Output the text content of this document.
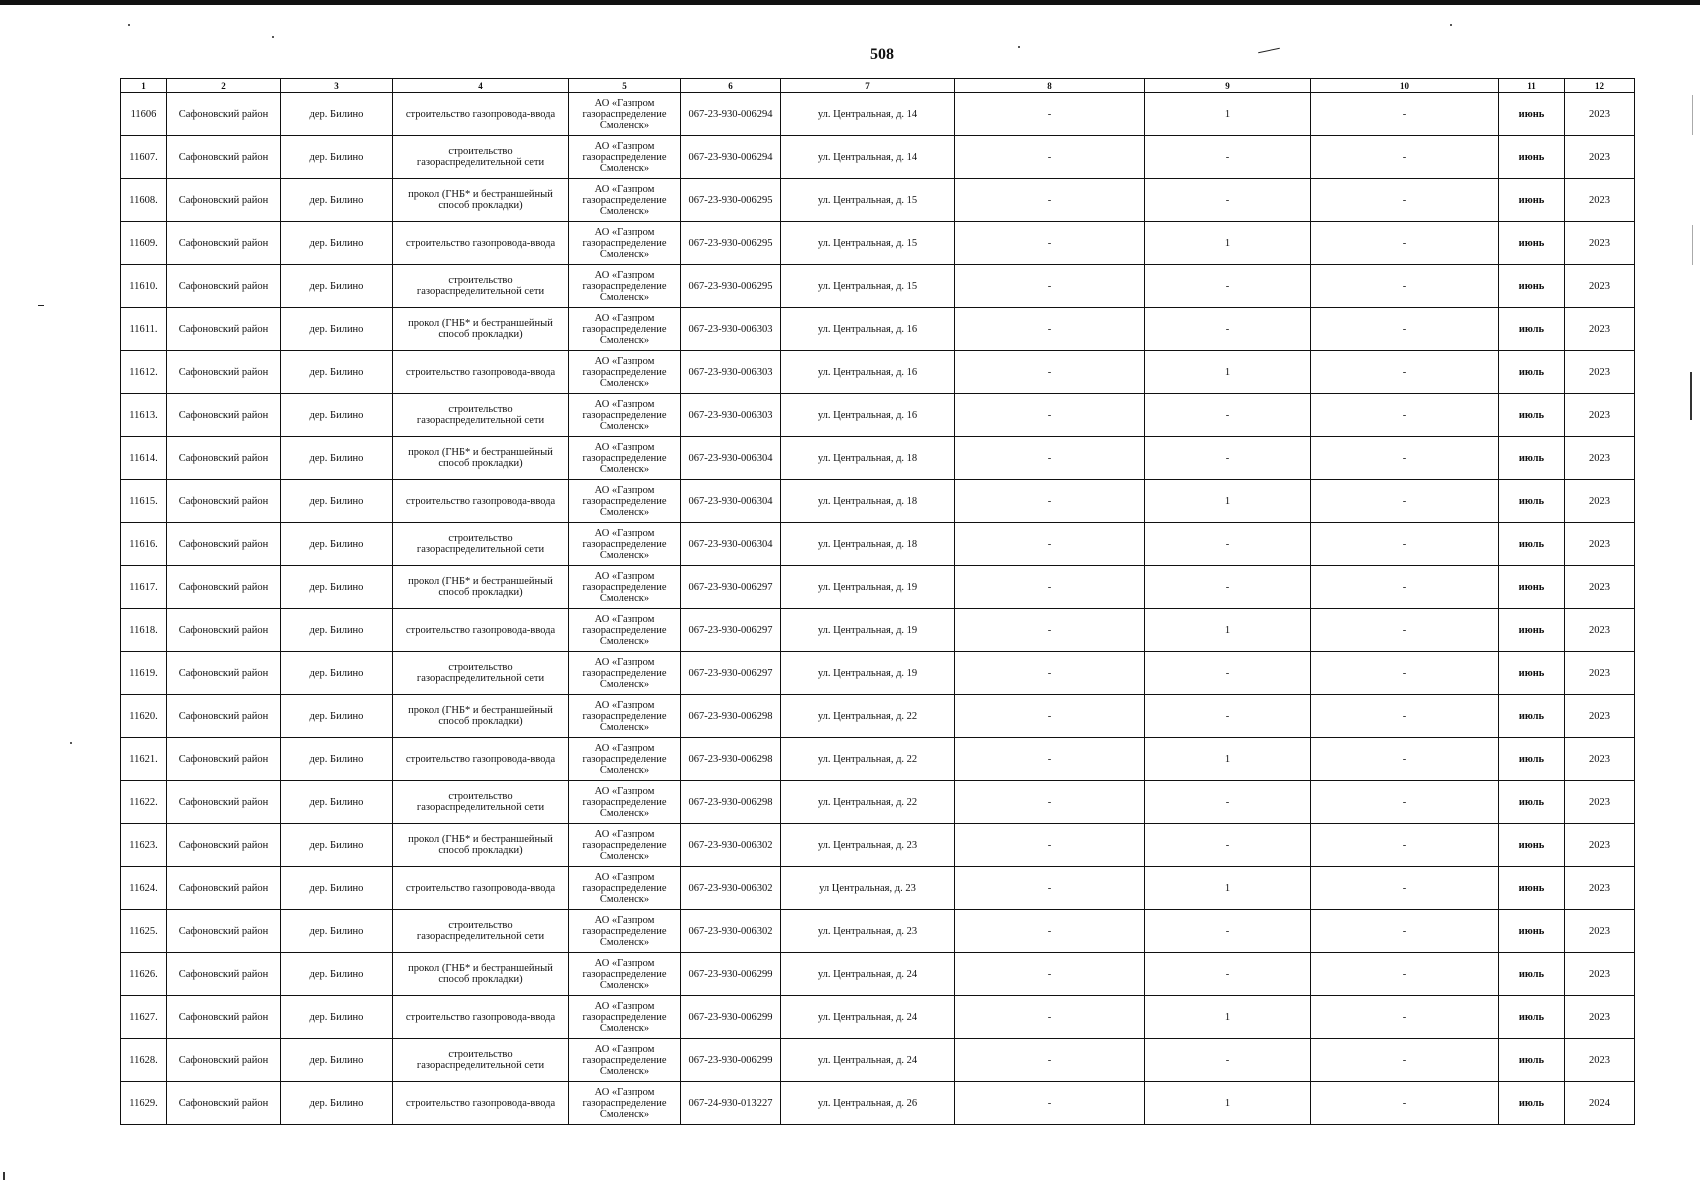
508
1	2	3	4	5	6	7	8	9	10	11	12
11606	Сафоновский район	дер. Билино	строительство газопровода-ввода	АО «Газпром газораспределение Смоленск»	067-23-930-006294	ул. Центральная, д. 14	-	1	-	июнь	2023
11607.	Сафоновский район	дер. Билино	строительство газораспределительной сети	АО «Газпром газораспределение Смоленск»	067-23-930-006294	ул. Центральная, д. 14	-	-	-	июнь	2023
11608.	Сафоновский район	дер. Билино	прокол (ГНБ* и бестраншейный способ прокладки)	АО «Газпром газораспределение Смоленск»	067-23-930-006295	ул. Центральная, д. 15	-	-	-	июнь	2023
11609.	Сафоновский район	дер. Билино	строительство газопровода-ввода	АО «Газпром газораспределение Смоленск»	067-23-930-006295	ул. Центральная, д. 15	-	1	-	июнь	2023
11610.	Сафоновский район	дер. Билино	строительство газораспределительной сети	АО «Газпром газораспределение Смоленск»	067-23-930-006295	ул. Центральная, д. 15	-	-	-	июнь	2023
11611.	Сафоновский район	дер. Билино	прокол (ГНБ* и бестраншейный способ прокладки)	АО «Газпром газораспределение Смоленск»	067-23-930-006303	ул. Центральная, д. 16	-	-	-	июль	2023
11612.	Сафоновский район	дер. Билино	строительство газопровода-ввода	АО «Газпром газораспределение Смоленск»	067-23-930-006303	ул. Центральная, д. 16	-	1	-	июль	2023
11613.	Сафоновский район	дер. Билино	строительство газораспределительной сети	АО «Газпром газораспределение Смоленск»	067-23-930-006303	ул. Центральная, д. 16	-	-	-	июль	2023
11614.	Сафоновский район	дер. Билино	прокол (ГНБ* и бестраншейный способ прокладки)	АО «Газпром газораспределение Смоленск»	067-23-930-006304	ул. Центральная, д. 18	-	-	-	июль	2023
11615.	Сафоновский район	дер. Билино	строительство газопровода-ввода	АО «Газпром газораспределение Смоленск»	067-23-930-006304	ул. Центральная, д. 18	-	1	-	июль	2023
11616.	Сафоновский район	дер. Билино	строительство газораспределительной сети	АО «Газпром газораспределение Смоленск»	067-23-930-006304	ул. Центральная, д. 18	-	-	-	июль	2023
11617.	Сафоновский район	дер. Билино	прокол (ГНБ* и бестраншейный способ прокладки)	АО «Газпром газораспределение Смоленск»	067-23-930-006297	ул. Центральная, д. 19	-	-	-	июнь	2023
11618.	Сафоновский район	дер. Билино	строительство газопровода-ввода	АО «Газпром газораспределение Смоленск»	067-23-930-006297	ул. Центральная, д. 19	-	1	-	июнь	2023
11619.	Сафоновский район	дер. Билино	строительство газораспределительной сети	АО «Газпром газораспределение Смоленск»	067-23-930-006297	ул. Центральная, д. 19	-	-	-	июнь	2023
11620.	Сафоновский район	дер. Билино	прокол (ГНБ* и бестраншейный способ прокладки)	АО «Газпром газораспределение Смоленск»	067-23-930-006298	ул. Центральная, д. 22	-	-	-	июль	2023
11621.	Сафоновский район	дер. Билино	строительство газопровода-ввода	АО «Газпром газораспределение Смоленск»	067-23-930-006298	ул. Центральная, д. 22	-	1	-	июль	2023
11622.	Сафоновский район	дер. Билино	строительство газораспределительной сети	АО «Газпром газораспределение Смоленск»	067-23-930-006298	ул. Центральная, д. 22	-	-	-	июль	2023
11623.	Сафоновский район	дер. Билино	прокол (ГНБ* и бестраншейный способ прокладки)	АО «Газпром газораспределение Смоленск»	067-23-930-006302	ул. Центральная, д. 23	-	-	-	июнь	2023
11624.	Сафоновский район	дер. Билино	строительство газопровода-ввода	АО «Газпром газораспределение Смоленск»	067-23-930-006302	ул Центральная, д. 23	-	1	-	июнь	2023
11625.	Сафоновский район	дер. Билино	строительство газораспределительной сети	АО «Газпром газораспределение Смоленск»	067-23-930-006302	ул. Центральная, д. 23	-	-	-	июнь	2023
11626.	Сафоновский район	дер. Билино	прокол (ГНБ* и бестраншейный способ прокладки)	АО «Газпром газораспределение Смоленск»	067-23-930-006299	ул. Центральная, д. 24	-	-	-	июль	2023
11627.	Сафоновский район	дер. Билино	строительство газопровода-ввода	АО «Газпром газораспределение Смоленск»	067-23-930-006299	ул. Центральная, д. 24	-	1	-	июль	2023
11628.	Сафоновский район	дер. Билино	строительство газораспределительной сети	АО «Газпром газораспределение Смоленск»	067-23-930-006299	ул. Центральная, д. 24	-	-	-	июль	2023
11629.	Сафоновский район	дер. Билино	строительство газопровода-ввода	АО «Газпром газораспределение Смоленск»	067-24-930-013227	ул. Центральная, д. 26	-	1	-	июль	2024
